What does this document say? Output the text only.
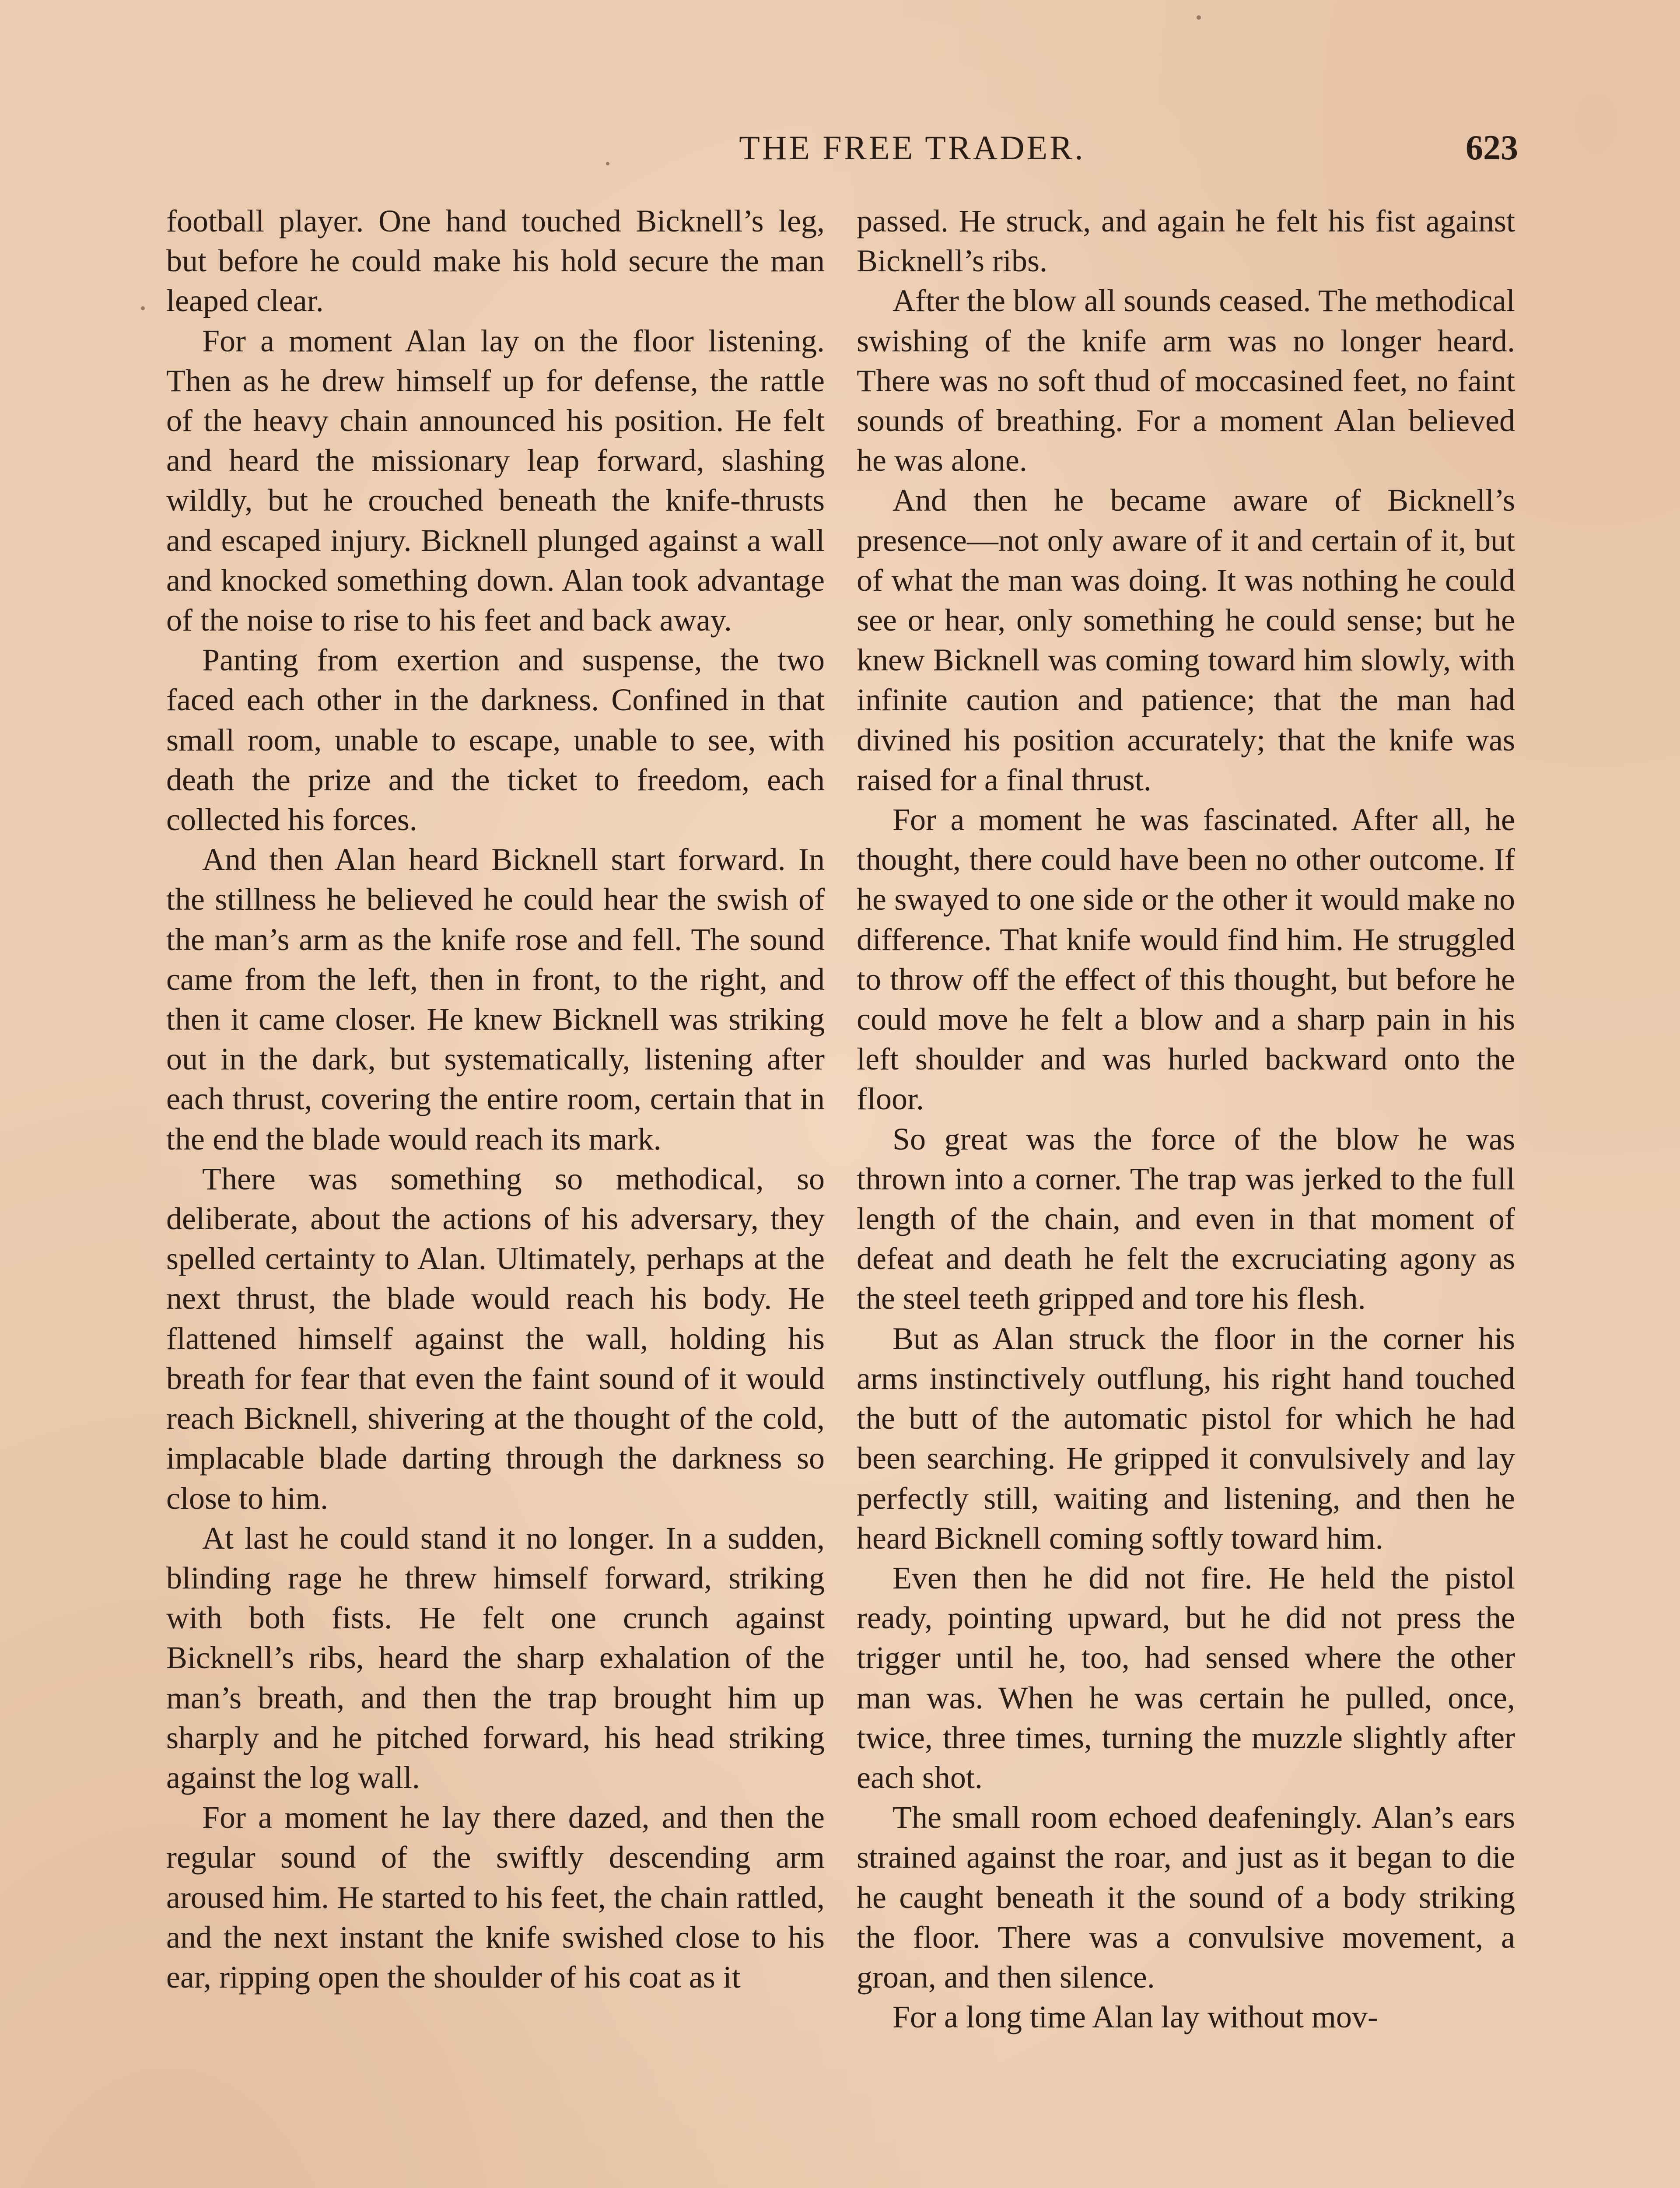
THE FREE TRADER.	623

football player. One hand touched Bicknell’s leg, but before he could make his hold secure the man leaped clear.

For a moment Alan lay on the floor listening. Then as he drew himself up for defense, the rattle of the heavy chain announced his position. He felt and heard the missionary leap forward, slashing wildly, but he crouched beneath the knife-thrusts and escaped injury. Bicknell plunged against a wall and knocked something down. Alan took advantage of the noise to rise to his feet and back away.

Panting from exertion and suspense, the two faced each other in the darkness. Confined in that small room, unable to escape, unable to see, with death the prize and the ticket to freedom, each collected his forces.

And then Alan heard Bicknell start forward. In the stillness he believed he could hear the swish of the man’s arm as the knife rose and fell. The sound came from the left, then in front, to the right, and then it came closer. He knew Bicknell was striking out in the dark, but systematically, listening after each thrust, covering the entire room, certain that in the end the blade would reach its mark.

There was something so methodical, so deliberate, about the actions of his adversary, they spelled certainty to Alan. Ultimately, perhaps at the next thrust, the blade would reach his body. He flattened himself against the wall, holding his breath for fear that even the faint sound of it would reach Bicknell, shivering at the thought of the cold, implacable blade darting through the darkness so close to him.

At last he could stand it no longer. In a sudden, blinding rage he threw himself forward, striking with both fists. He felt one crunch against Bicknell’s ribs, heard the sharp exhalation of the man’s breath, and then the trap brought him up sharply and he pitched forward, his head striking against the log wall.

For a moment he lay there dazed, and then the regular sound of the swiftly descending arm aroused him. He started to his feet, the chain rattled, and the next instant the knife swished close to his ear, ripping open the shoulder of his coat as it

passed. He struck, and again he felt his fist against Bicknell’s ribs.

After the blow all sounds ceased. The methodical swishing of the knife arm was no longer heard. There was no soft thud of moccasined feet, no faint sounds of breathing. For a moment Alan believed he was alone.

And then he became aware of Bicknell’s presence—not only aware of it and certain of it, but of what the man was doing. It was nothing he could see or hear, only something he could sense; but he knew Bicknell was coming toward him slowly, with infinite caution and patience; that the man had divined his position accurately; that the knife was raised for a final thrust.

For a moment he was fascinated. After all, he thought, there could have been no other outcome. If he swayed to one side or the other it would make no difference. That knife would find him. He struggled to throw off the effect of this thought, but before he could move he felt a blow and a sharp pain in his left shoulder and was hurled backward onto the floor.

So great was the force of the blow he was thrown into a corner. The trap was jerked to the full length of the chain, and even in that moment of defeat and death he felt the excruciating agony as the steel teeth gripped and tore his flesh.

But as Alan struck the floor in the corner his arms instinctively outflung, his right hand touched the butt of the automatic pistol for which he had been searching. He gripped it convulsively and lay perfectly still, waiting and listening, and then he heard Bicknell coming softly toward him.

Even then he did not fire. He held the pistol ready, pointing upward, but he did not press the trigger until he, too, had sensed where the other man was. When he was certain he pulled, once, twice, three times, turning the muzzle slightly after each shot.

The small room echoed deafeningly. Alan’s ears strained against the roar, and just as it began to die he caught beneath it the sound of a body striking the floor. There was a convulsive movement, a groan, and then silence.

For a long time Alan lay without mov-
